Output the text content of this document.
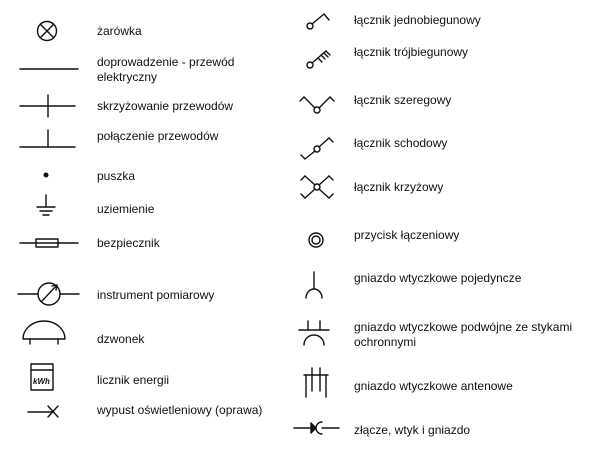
żarówka
doprowadzenie - przewód elektryczny
skrzyżowanie przewodów
połączenie przewodów
puszka
uziemienie
bezpiecznik
instrument pomiarowy
dzwonek
kWh	licznik energii
wypust oświetleniowy (oprawa)
łącznik jednobiegunowy
łącznik trójbiegunowy
łącznik szeregowy
łącznik schodowy
łącznik krzyżowy
przycisk łączeniowy
gniazdo wtyczkowe pojedyncze
gniazdo wtyczkowe podwójne ze stykami ochronnymi
gniazdo wtyczkowe antenowe
złącze, wtyk i gniazdo
